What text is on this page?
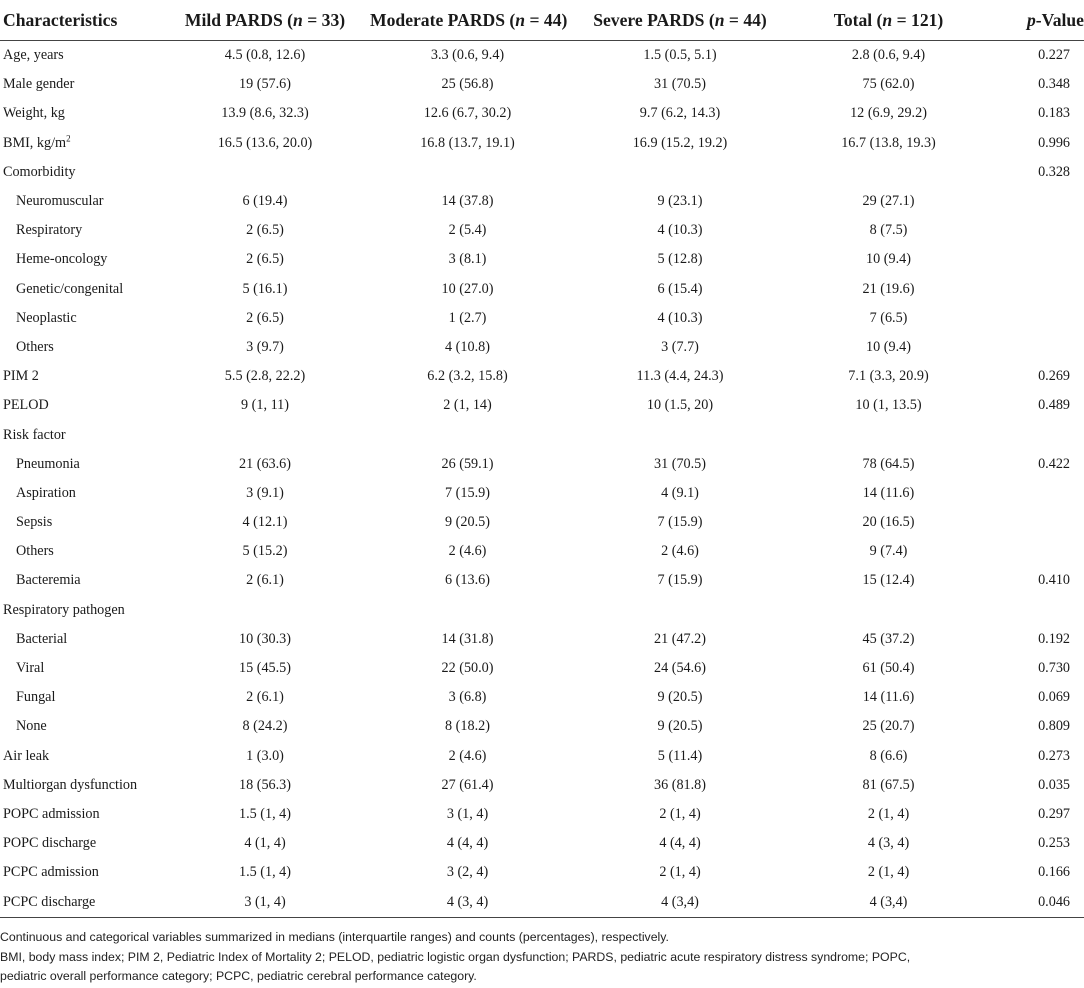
Characteristics	Mild PARDS (n = 33)	Moderate PARDS (n = 44)	Severe PARDS (n = 44)	Total (n = 121)	p-Value
Age, years	4.5 (0.8, 12.6)	3.3 (0.6, 9.4)	1.5 (0.5, 5.1)	2.8 (0.6, 9.4)	0.227
Male gender	19 (57.6)	25 (56.8)	31 (70.5)	75 (62.0)	0.348
Weight, kg	13.9 (8.6, 32.3)	12.6 (6.7, 30.2)	9.7 (6.2, 14.3)	12 (6.9, 29.2)	0.183
BMI, $kg/m^2$	16.5 (13.6, 20.0)	16.8 (13.7, 19.1)	16.9 (15.2, 19.2)	16.7 (13.8, 19.3)	0.996
Comorbidity					0.328
Neuromuscular	6 (19.4)	14 (37.8)	9 (23.1)	29 (27.1)	
Respiratory	2 (6.5)	2 (5.4)	4 (10.3)	8 (7.5)	
Heme-oncology	2 (6.5)	3 (8.1)	5 (12.8)	10 (9.4)	
Genetic/congenital	5 (16.1)	10 (27.0)	6 (15.4)	21 (19.6)	
Neoplastic	2 (6.5)	1 (2.7)	4 (10.3)	7 (6.5)	
Others	3 (9.7)	4 (10.8)	3 (7.7)	10 (9.4)	
PIM 2	5.5 (2.8, 22.2)	6.2 (3.2, 15.8)	11.3 (4.4, 24.3)	7.1 (3.3, 20.9)	0.269
PELOD	9 (1, 11)	2 (1, 14)	10 (1.5, 20)	10 (1, 13.5)	0.489
Risk factor					
Pneumonia	21 (63.6)	26 (59.1)	31 (70.5)	78 (64.5)	0.422
Aspiration	3 (9.1)	7 (15.9)	4 (9.1)	14 (11.6)	
Sepsis	4 (12.1)	9 (20.5)	7 (15.9)	20 (16.5)	
Others	5 (15.2)	2 (4.6)	2 (4.6)	9 (7.4)	
Bacteremia	2 (6.1)	6 (13.6)	7 (15.9)	15 (12.4)	0.410
Respiratory pathogen					
Bacterial	10 (30.3)	14 (31.8)	21 (47.2)	45 (37.2)	0.192
Viral	15 (45.5)	22 (50.0)	24 (54.6)	61 (50.4)	0.730
Fungal	2 (6.1)	3 (6.8)	9 (20.5)	14 (11.6)	0.069
None	8 (24.2)	8 (18.2)	9 (20.5)	25 (20.7)	0.809
Air leak	1 (3.0)	2 (4.6)	5 (11.4)	8 (6.6)	0.273
Multiorgan dysfunction	18 (56.3)	27 (61.4)	36 (81.8)	81 (67.5)	0.035
POPC admission	1.5 (1, 4)	3 (1, 4)	2 (1, 4)	2 (1, 4)	0.297
POPC discharge	4 (1, 4)	4 (4, 4)	4 (4, 4)	4 (3, 4)	0.253
PCPC admission	1.5 (1, 4)	3 (2, 4)	2 (1, 4)	2 (1, 4)	0.166
PCPC discharge	3 (1, 4)	4 (3, 4)	4 (3,4)	4 (3,4)	0.046

Continuous and categorical variables summarized in medians (interquartile ranges) and counts (percentages), respectively.

BMI, body mass index; PIM 2, Pediatric Index of Mortality 2; PELOD, pediatric logistic organ dysfunction; PARDS, pediatric acute respiratory distress syndrome; POPC,

pediatric overall performance category; PCPC, pediatric cerebral performance category.
